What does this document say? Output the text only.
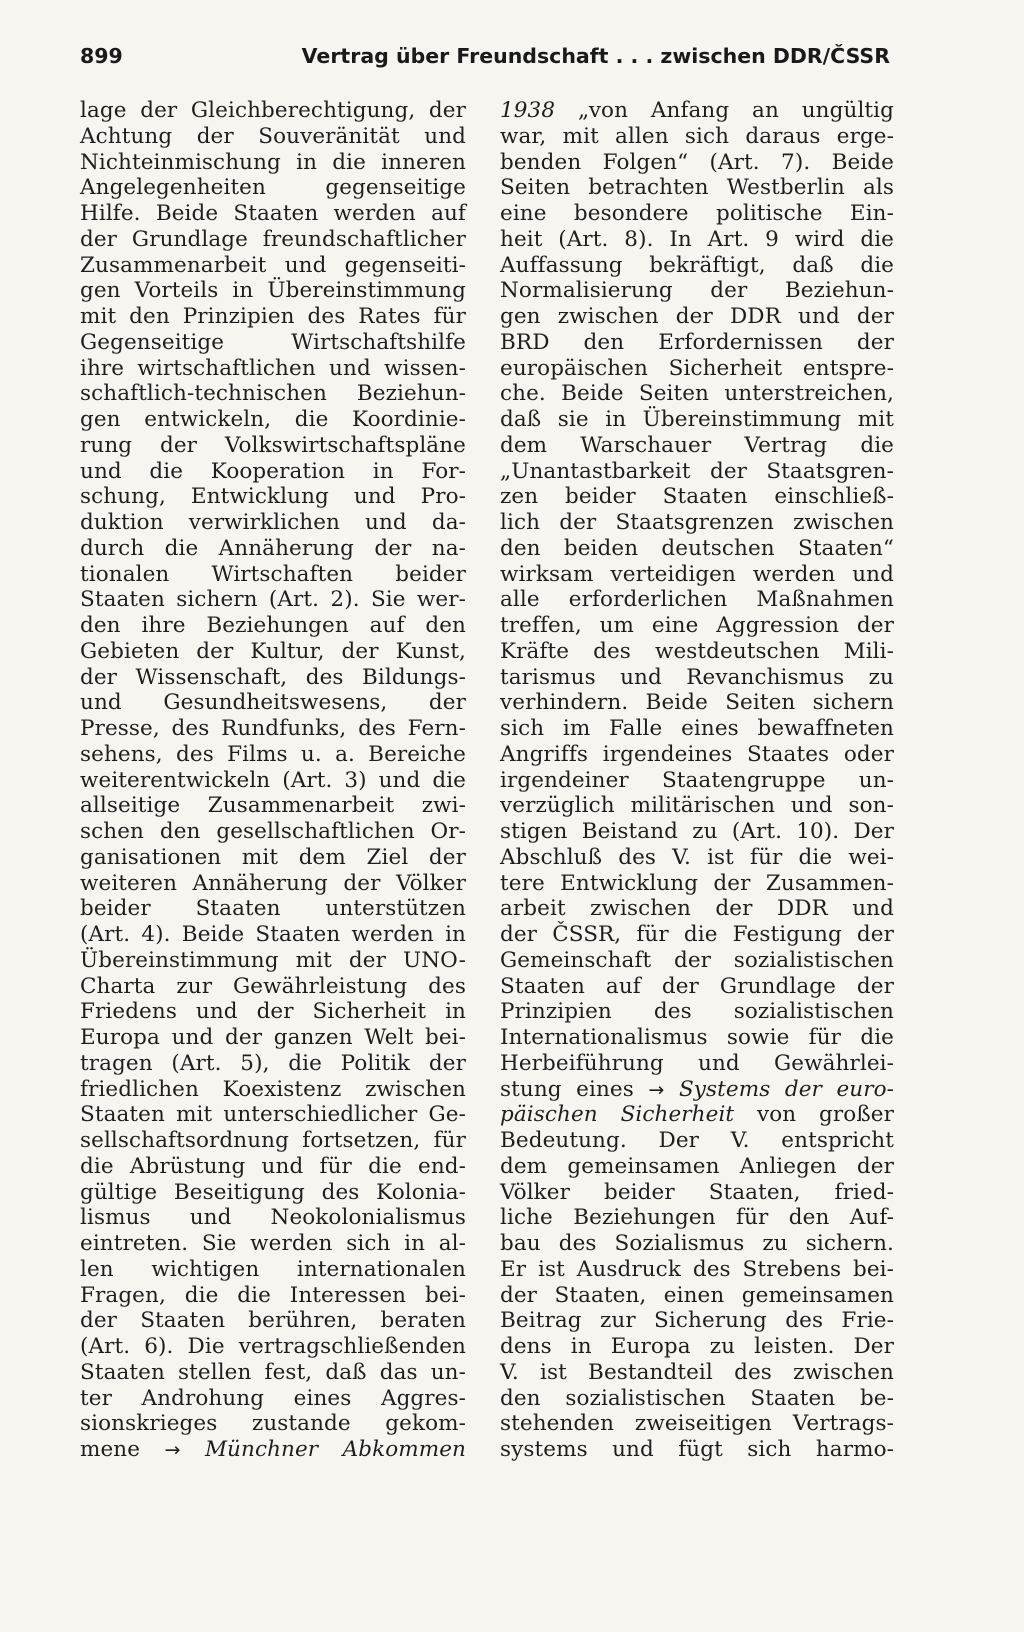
899	Vertrag über Freundschaft . . . zwischen DDR/ČSSR
lage der Gleichberechtigung, der
Achtung der Souveränität und
Nichteinmischung in die inneren
Angelegenheiten gegenseitige
Hilfe. Beide Staaten werden auf
der Grundlage freundschaftlicher
Zusammenarbeit und gegenseiti-
gen Vorteils in Übereinstimmung
mit den Prinzipien des Rates für
Gegenseitige Wirtschaftshilfe
ihre wirtschaftlichen und wissen-
schaftlich-technischen Beziehun-
gen entwickeln, die Koordinie-
rung der Volkswirtschaftspläne
und die Kooperation in For-
schung, Entwicklung und Pro-
duktion verwirklichen und da-
durch die Annäherung der na-
tionalen Wirtschaften beider
Staaten sichern (Art. 2). Sie wer-
den ihre Beziehungen auf den
Gebieten der Kultur, der Kunst,
der Wissenschaft, des Bildungs-
und Gesundheitswesens, der
Presse, des Rundfunks, des Fern-
sehens, des Films u. a. Bereiche
weiterentwickeln (Art. 3) und die
allseitige Zusammenarbeit zwi-
schen den gesellschaftlichen Or-
ganisationen mit dem Ziel der
weiteren Annäherung der Völker
beider Staaten unterstützen
(Art. 4). Beide Staaten werden in
Übereinstimmung mit der UNO-
Charta zur Gewährleistung des
Friedens und der Sicherheit in
Europa und der ganzen Welt bei-
tragen (Art. 5), die Politik der
friedlichen Koexistenz zwischen
Staaten mit unterschiedlicher Ge-
sellschaftsordnung fortsetzen, für
die Abrüstung und für die end-
gültige Beseitigung des Kolonia-
lismus und Neokolonialismus
eintreten. Sie werden sich in al-
len wichtigen internationalen
Fragen, die die Interessen bei-
der Staaten berühren, beraten
(Art. 6). Die vertragschließenden
Staaten stellen fest, daß das un-
ter Androhung eines Aggres-
sionskrieges zustande gekom-
mene → Münchner Abkommen
1938 „von Anfang an ungültig
war, mit allen sich daraus erge-
benden Folgen“ (Art. 7). Beide
Seiten betrachten Westberlin als
eine besondere politische Ein-
heit (Art. 8). In Art. 9 wird die
Auffassung bekräftigt, daß die
Normalisierung der Beziehun-
gen zwischen der DDR und der
BRD den Erfordernissen der
europäischen Sicherheit entspre-
che. Beide Seiten unterstreichen,
daß sie in Übereinstimmung mit
dem Warschauer Vertrag die
„Unantastbarkeit der Staatsgren-
zen beider Staaten einschließ-
lich der Staatsgrenzen zwischen
den beiden deutschen Staaten“
wirksam verteidigen werden und
alle erforderlichen Maßnahmen
treffen, um eine Aggression der
Kräfte des westdeutschen Mili-
tarismus und Revanchismus zu
verhindern. Beide Seiten sichern
sich im Falle eines bewaffneten
Angriffs irgendeines Staates oder
irgendeiner Staatengruppe un-
verzüglich militärischen und son-
stigen Beistand zu (Art. 10). Der
Abschluß des V. ist für die wei-
tere Entwicklung der Zusammen-
arbeit zwischen der DDR und
der ČSSR, für die Festigung der
Gemeinschaft der sozialistischen
Staaten auf der Grundlage der
Prinzipien des sozialistischen
Internationalismus sowie für die
Herbeiführung und Gewährlei-
stung eines → Systems der euro-
päischen Sicherheit von großer
Bedeutung. Der V. entspricht
dem gemeinsamen Anliegen der
Völker beider Staaten, fried-
liche Beziehungen für den Auf-
bau des Sozialismus zu sichern.
Er ist Ausdruck des Strebens bei-
der Staaten, einen gemeinsamen
Beitrag zur Sicherung des Frie-
dens in Europa zu leisten. Der
V. ist Bestandteil des zwischen
den sozialistischen Staaten be-
stehenden zweiseitigen Vertrags-
systems und fügt sich harmo-
